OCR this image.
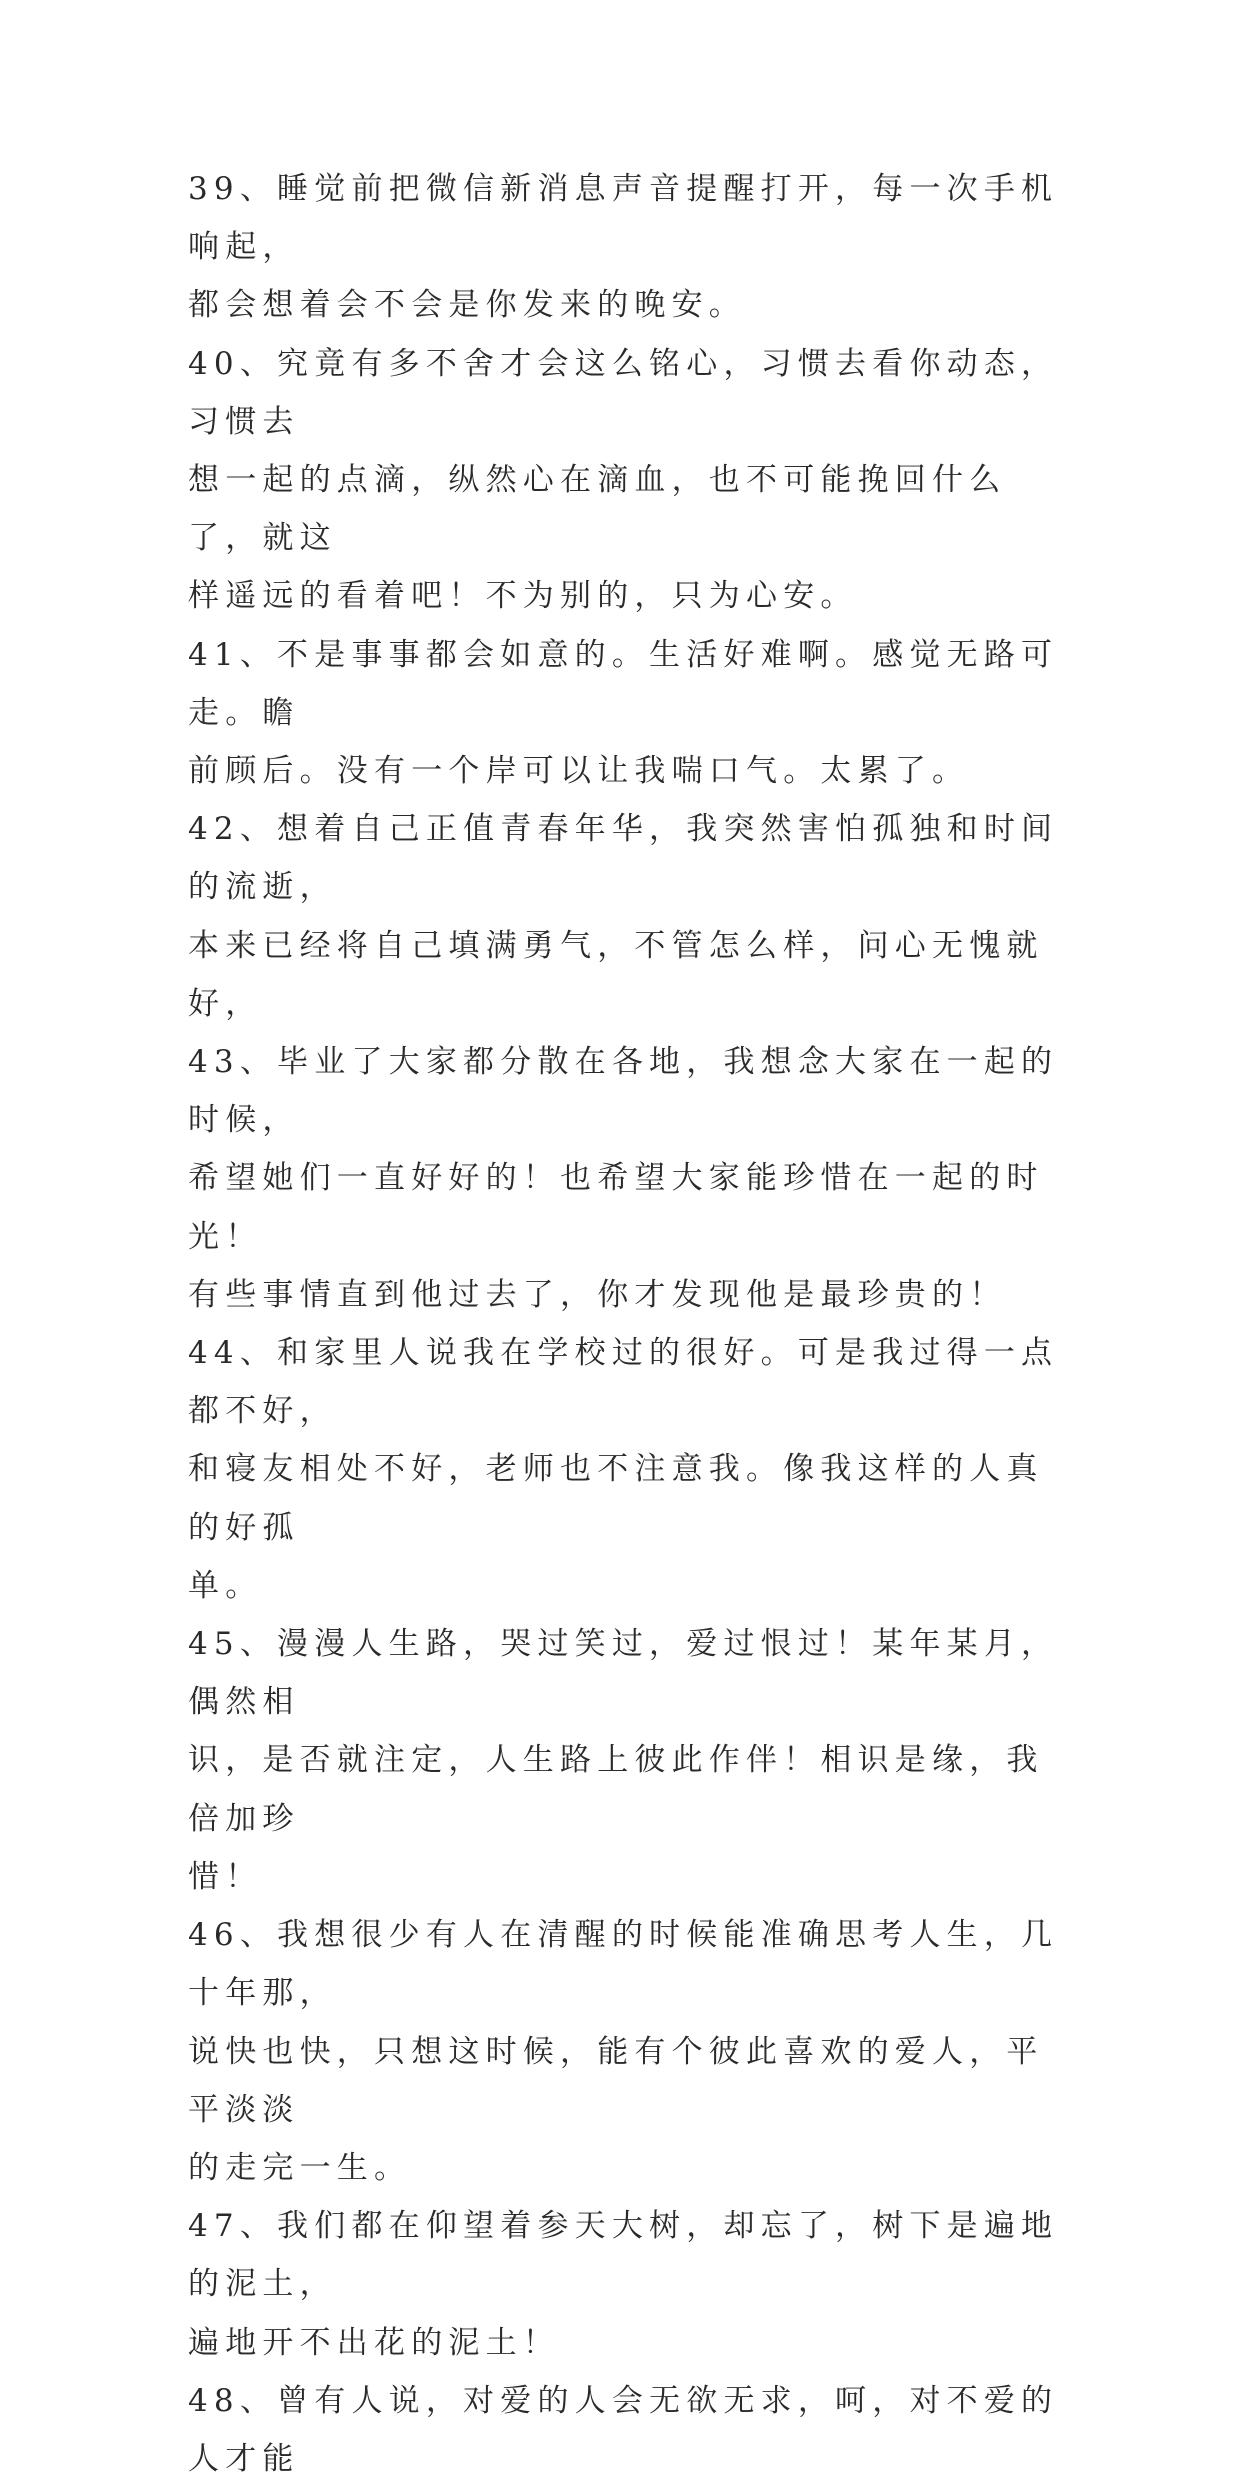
39、睡觉前把微信新消息声音提醒打开，每一次手机响起，
都会想着会不会是你发来的晚安。

40、究竟有多不舍才会这么铭心，习惯去看你动态，习惯去
想一起的点滴，纵然心在滴血，也不可能挽回什么了，就这
样遥远的看着吧！不为别的，只为心安。

41、不是事事都会如意的。生活好难啊。感觉无路可走。瞻
前顾后。没有一个岸可以让我喘口气。太累了。

42、想着自己正值青春年华，我突然害怕孤独和时间的流逝，
本来已经将自己填满勇气，不管怎么样，问心无愧就好，

43、毕业了大家都分散在各地，我想念大家在一起的时候，
希望她们一直好好的！也希望大家能珍惜在一起的时光！
有些事情直到他过去了，你才发现他是最珍贵的！

44、和家里人说我在学校过的很好。可是我过得一点都不好，
和寝友相处不好，老师也不注意我。像我这样的人真的好孤
单。

45、漫漫人生路，哭过笑过，爱过恨过！某年某月，偶然相
识，是否就注定，人生路上彼此作伴！相识是缘，我倍加珍
惜！

46、我想很少有人在清醒的时候能准确思考人生，几十年那，
说快也快，只想这时候，能有个彼此喜欢的爱人，平平淡淡
的走完一生。

47、我们都在仰望着参天大树，却忘了，树下是遍地的泥土，
遍地开不出花的泥土！

48、曾有人说，对爱的人会无欲无求，呵，对不爱的人才能
